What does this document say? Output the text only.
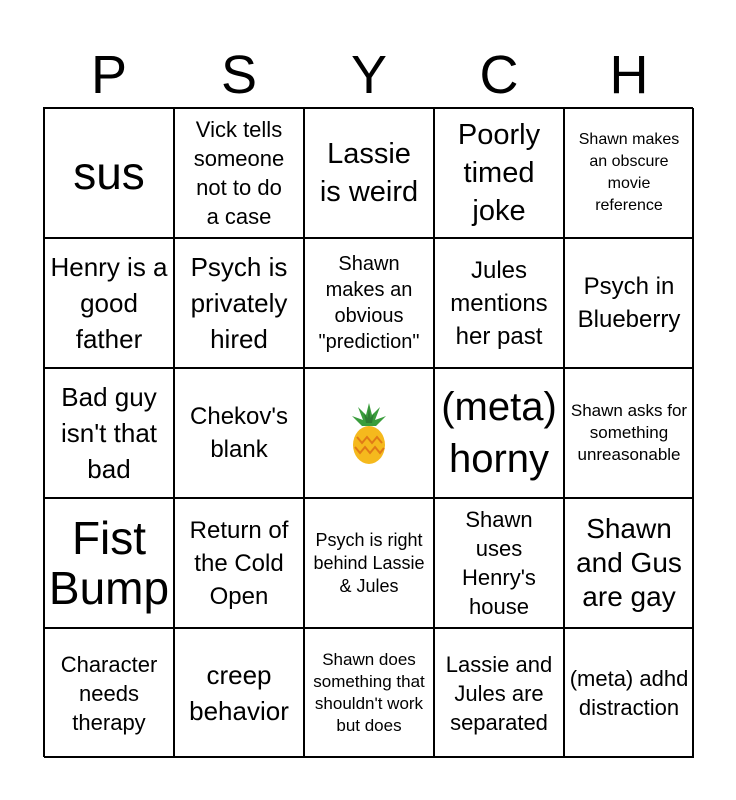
P	S	Y	C	H
sus
Vick tells someone not to do a case
Lassie is weird
Poorly timed joke
Shawn makes an obscure movie reference
Henry is a good father
Psych is privately hired
Shawn makes an obvious "prediction"
Jules mentions her past
Psych in Blueberry
Bad guy isn't that bad
Chekov's blank
(meta) horny
Shawn asks for something unreasonable
Fist Bump
Return of the Cold Open
Psych is right behind Lassie & Jules
Shawn uses Henry's house
Shawn and Gus are gay
Character needs therapy
creep behavior
Shawn does something that shouldn't work but does
Lassie and Jules are separated
(meta) adhd distraction
